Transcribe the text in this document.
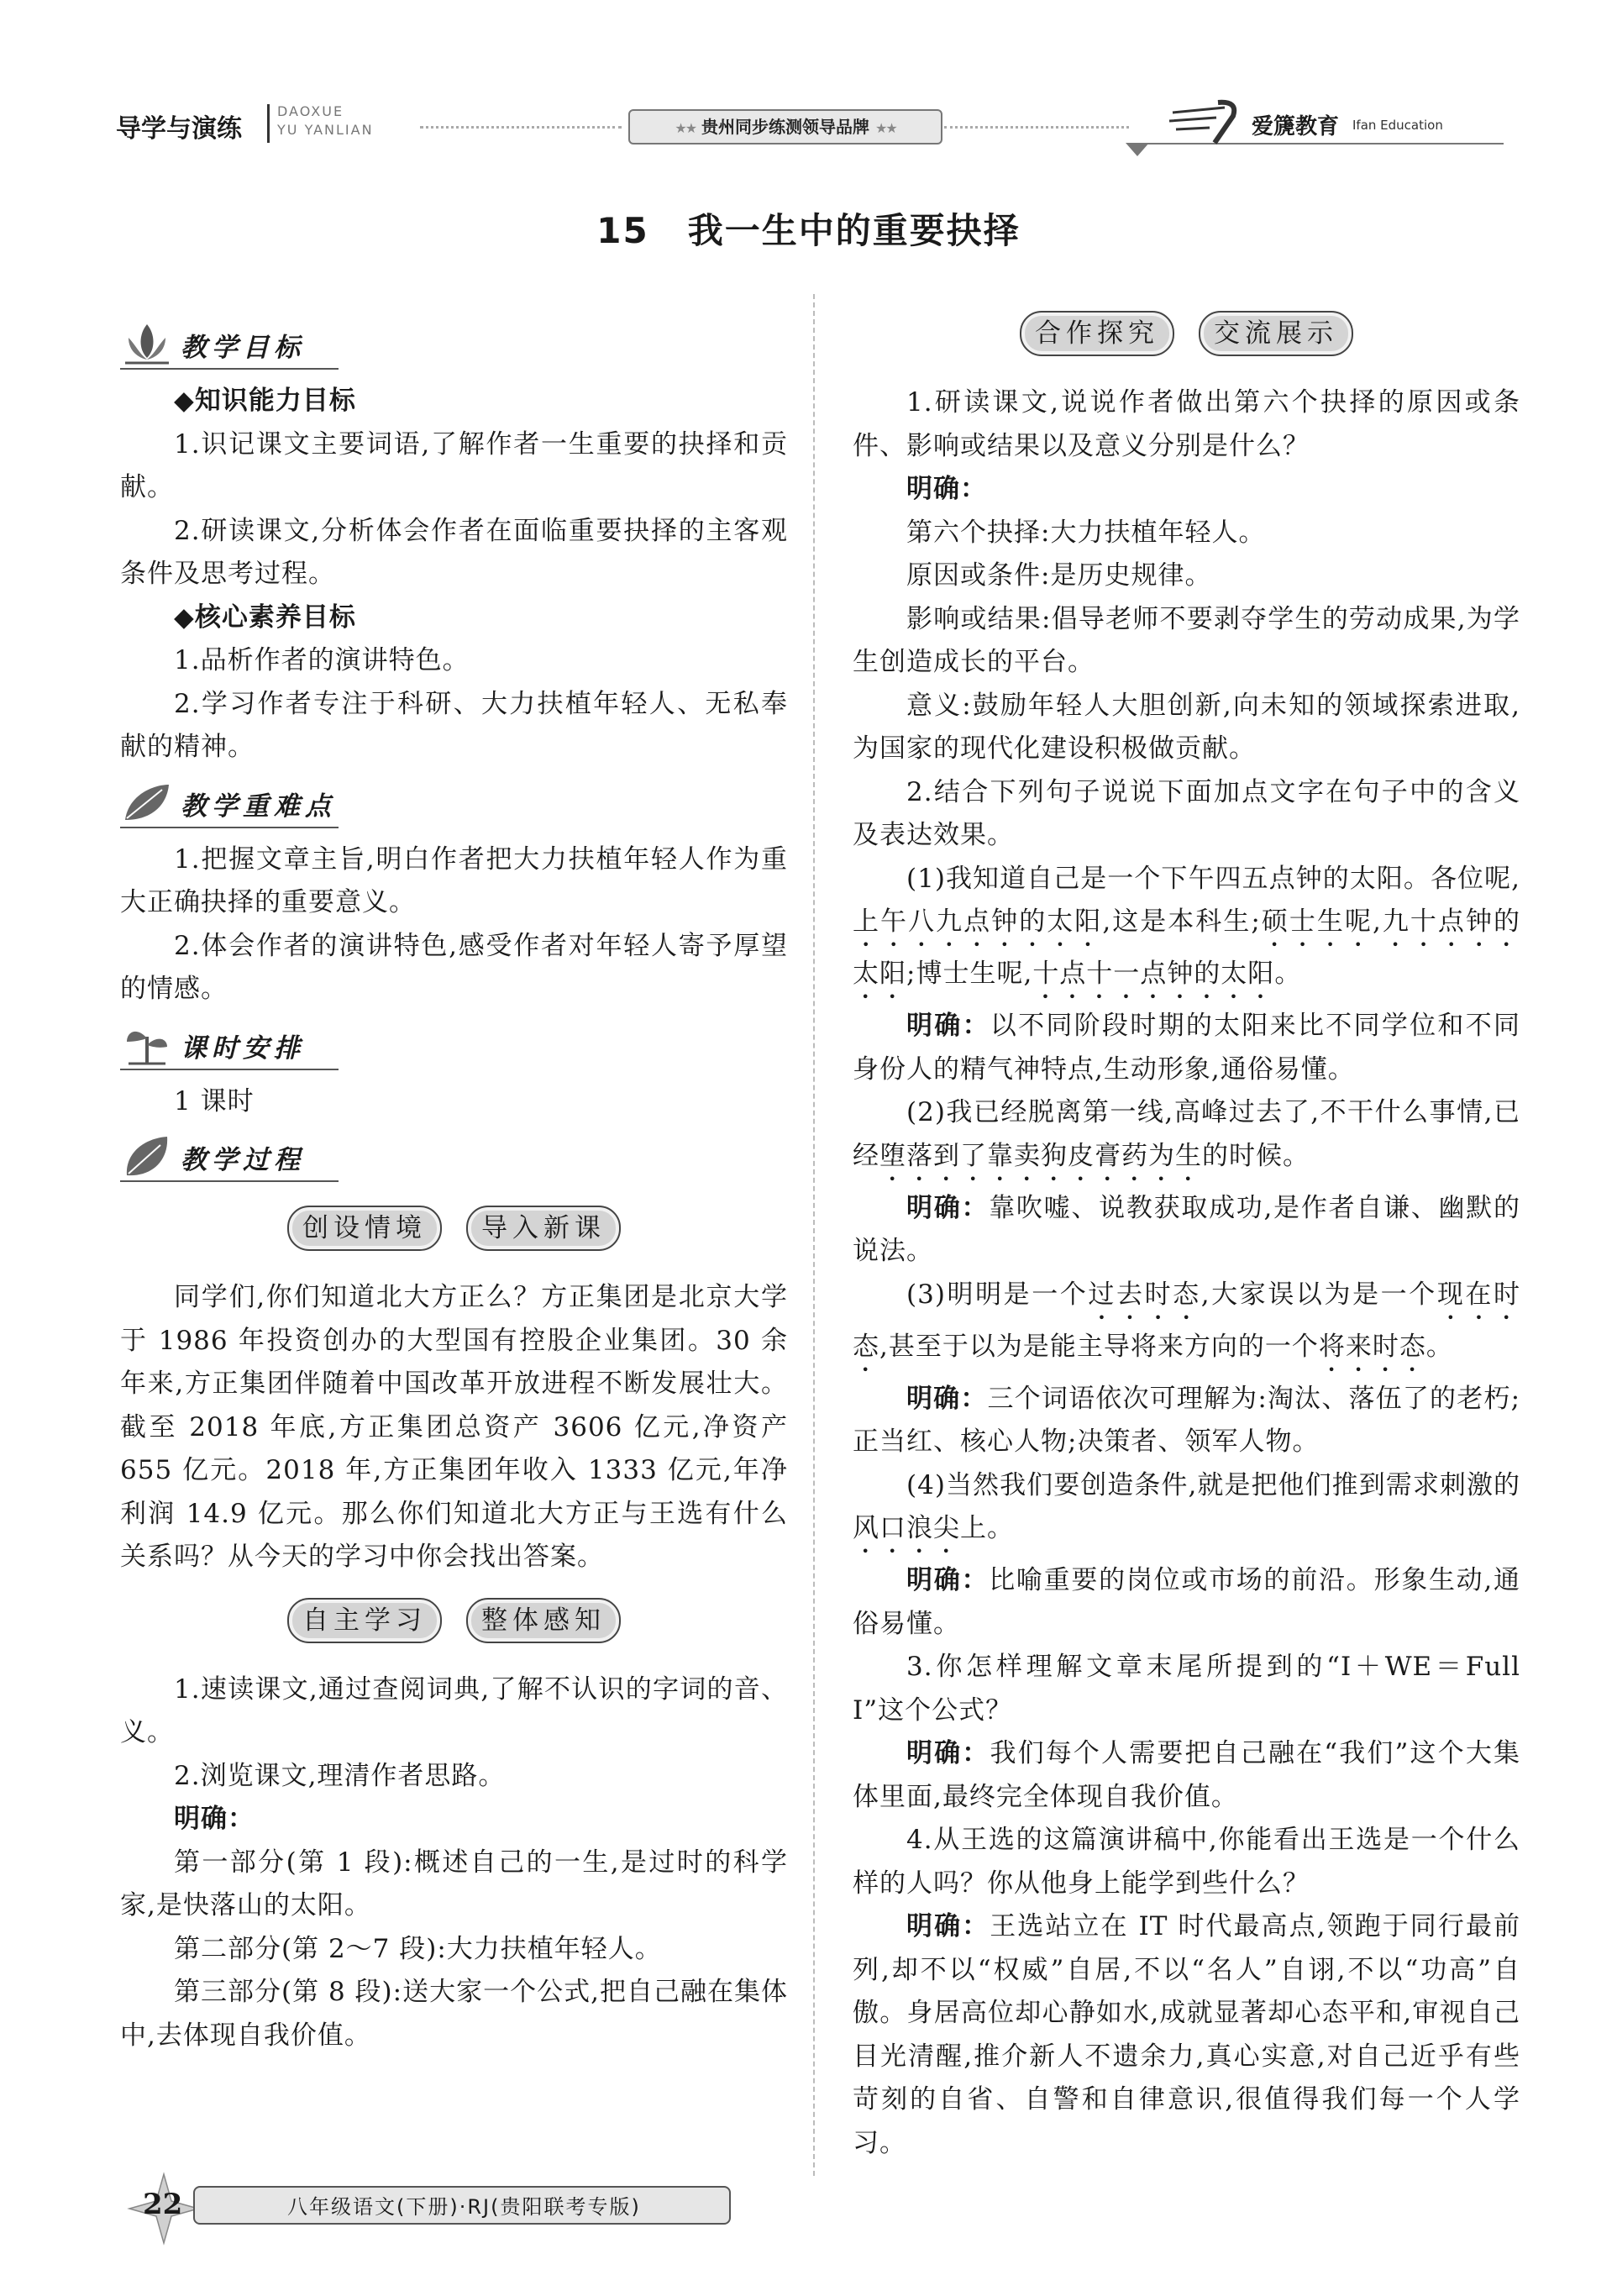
导学与演练
DAOXUE
YU YANLIAN	★★ 贵州同步练测领导品牌 ★★	爱篪教育 Ifan Education
15 我一生中的重要抉择
教学目标

◆知识能力目标

1.识记课文主要词语,了解作者一生重要的抉择和贡献。

2.研读课文,分析体会作者在面临重要抉择的主客观条件及思考过程。

◆核心素养目标

1.品析作者的演讲特色。

2.学习作者专注于科研、大力扶植年轻人、无私奉献的精神。

教学重难点

1.把握文章主旨,明白作者把大力扶植年轻人作为重大正确抉择的重要意义。

2.体会作者的演讲特色,感受作者对年轻人寄予厚望的情感。

课时安排

1 课时

教学过程
创设情境 导入新课

同学们,你们知道北大方正么？方正集团是北京大学于 1986 年投资创办的大型国有控股企业集团。30 余年来,方正集团伴随着中国改革开放进程不断发展壮大。截至 2018 年底,方正集团总资产 3606 亿元,净资产 655 亿元。2018 年,方正集团年收入 1333 亿元,年净利润 14.9 亿元。那么你们知道北大方正与王选有什么关系吗？从今天的学习中你会找出答案。

自主学习 整体感知

1.速读课文,通过查阅词典,了解不认识的字词的音、义。

2.浏览课文,理清作者思路。

明确：

第一部分(第 1 段):概述自己的一生,是过时的科学家,是快落山的太阳。

第二部分(第 2～7 段):大力扶植年轻人。

第三部分(第 8 段):送大家一个公式,把自己融在集体中,去体现自我价值。

合作探究 交流展示

1.研读课文,说说作者做出第六个抉择的原因或条件、影响或结果以及意义分别是什么？

明确：

第六个抉择:大力扶植年轻人。

原因或条件:是历史规律。

影响或结果:倡导老师不要剥夺学生的劳动成果,为学生创造成长的平台。

意义:鼓励年轻人大胆创新,向未知的领域探索进取,为国家的现代化建设积极做贡献。

2.结合下列句子说说下面加点文字在句子中的含义及表达效果。

(1)我知道自己是一个下午四五点钟的太阳。各位呢,上午八九点钟的太阳,这是本科生;硕士生呢,九十点钟的太阳;博士生呢,十点十一点钟的太阳。

明确：以不同阶段时期的太阳来比不同学位和不同身份人的精气神特点,生动形象,通俗易懂。

(2)我已经脱离第一线,高峰过去了,不干什么事情,已经堕落到了靠卖狗皮膏药为生的时候。

明确：靠吹嘘、说教获取成功,是作者自谦、幽默的说法。

(3)明明是一个过去时态,大家误以为是一个现在时态,甚至于以为是能主导将来方向的一个将来时态。

明确：三个词语依次可理解为:淘汰、落伍了的老朽;正当红、核心人物;决策者、领军人物。

(4)当然我们要创造条件,就是把他们推到需求刺激的风口浪尖上。

明确：比喻重要的岗位或市场的前沿。形象生动,通俗易懂。

3.你怎样理解文章末尾所提到的“I＋WE＝Full I”这个公式？

明确：我们每个人需要把自己融在“我们”这个大集体里面,最终完全体现自我价值。

4.从王选的这篇演讲稿中,你能看出王选是一个什么样的人吗？你从他身上能学到些什么？

明确：王选站立在 IT 时代最高点,领跑于同行最前列,却不以“权威”自居,不以“名人”自诩,不以“功高”自傲。身居高位却心静如水,成就显著却心态平和,审视自己目光清醒,推介新人不遗余力,真心实意,对自己近乎有些苛刻的自省、自警和自律意识,很值得我们每一个人学习。

22	八年级语文(下册)·RJ(贵阳联考专版)
